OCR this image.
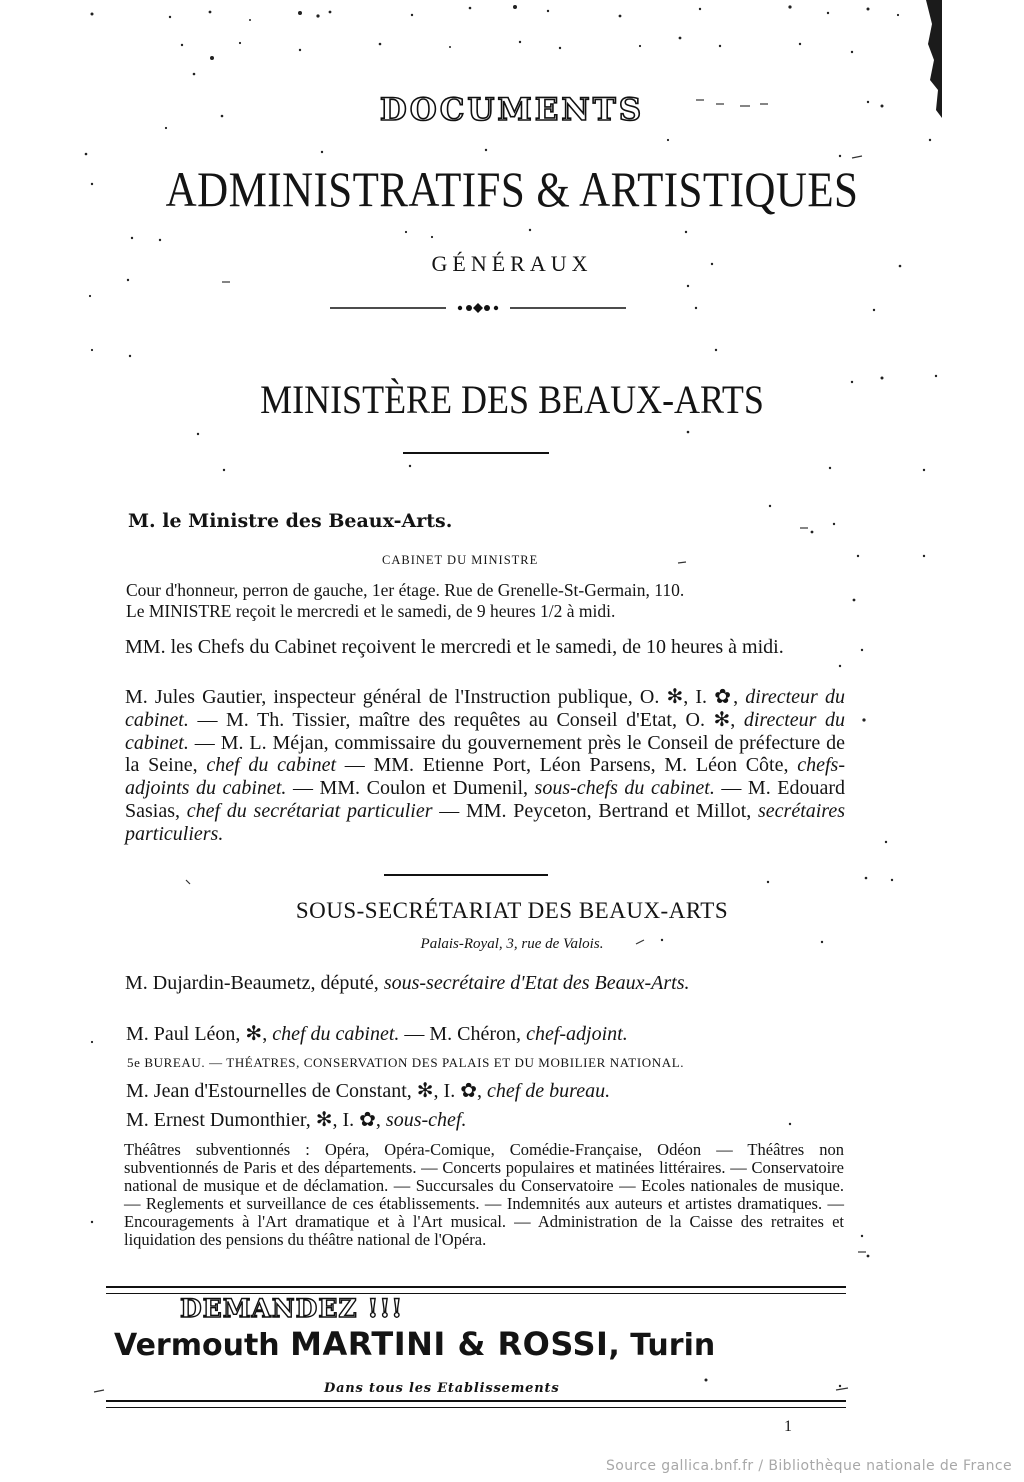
DOCUMENTS

ADMINISTRATIFS & ARTISTIQUES

GÉNÉRAUX

MINISTÈRE DES BEAUX-ARTS

M. le Ministre des Beaux-Arts.

CABINET DU MINISTRE

Cour d'honneur, perron de gauche, 1er étage. Rue de Grenelle-St-Germain, 110.

Le MINISTRE reçoit le mercredi et le samedi, de 9 heures 1/2 à midi.

MM. les Chefs du Cabinet reçoivent le mercredi et le samedi, de 10 heures à midi.
M. Jules Gautier, inspecteur général de l'Instruction publique, O. ✻, I. ✿, directeur du cabinet. — M. Th. Tissier, maître des requêtes au Conseil d'Etat, O. ✻, directeur du cabinet. — M. L. Méjan, commissaire du gouvernement près le Conseil de préfecture de la Seine, chef du cabinet — MM. Etienne Port, Léon Parsens, M. Léon Côte, chefs-adjoints du cabinet. — MM. Coulon et Dumenil, sous-chefs du cabinet. — M. Edouard Sasias, chef du secrétariat particulier — MM. Peyceton, Bertrand et Millot, secrétaires particuliers.

SOUS-SECRÉTARIAT DES BEAUX-ARTS

Palais-Royal, 3, rue de Valois.

M. Dujardin-Beaumetz, député, sous-secrétaire d'Etat des Beaux-Arts.

M. Paul Léon, ✻, chef du cabinet. — M. Chéron, chef-adjoint.

5e BUREAU. — THÉATRES, CONSERVATION DES PALAIS ET DU MOBILIER NATIONAL.

M. Jean d'Estournelles de Constant, ✻, I. ✿, chef de bureau.

M. Ernest Dumonthier, ✻, I. ✿, sous-chef.

Théâtres subventionnés : Opéra, Opéra-Comique, Comédie-Française, Odéon — Théâtres non subventionnés de Paris et des départements. — Concerts populaires et matinées littéraires. — Conservatoire national de musique et de déclamation. — Succursales du Conservatoire — Ecoles nationales de musique. — Reglements et surveillance de ces établissements. — Indemnités aux auteurs et artistes dramatiques. — Encouragements à l'Art dramatique et à l'Art musical. — Administration de la Caisse des retraites et liquidation des pensions du théâtre national de l'Opéra.

DEMANDEZ !!!

Vermouth MARTINI & ROSSI, Turin

Dans tous les Etablissements

1

Source gallica.bnf.fr / Bibliothèque nationale de France
